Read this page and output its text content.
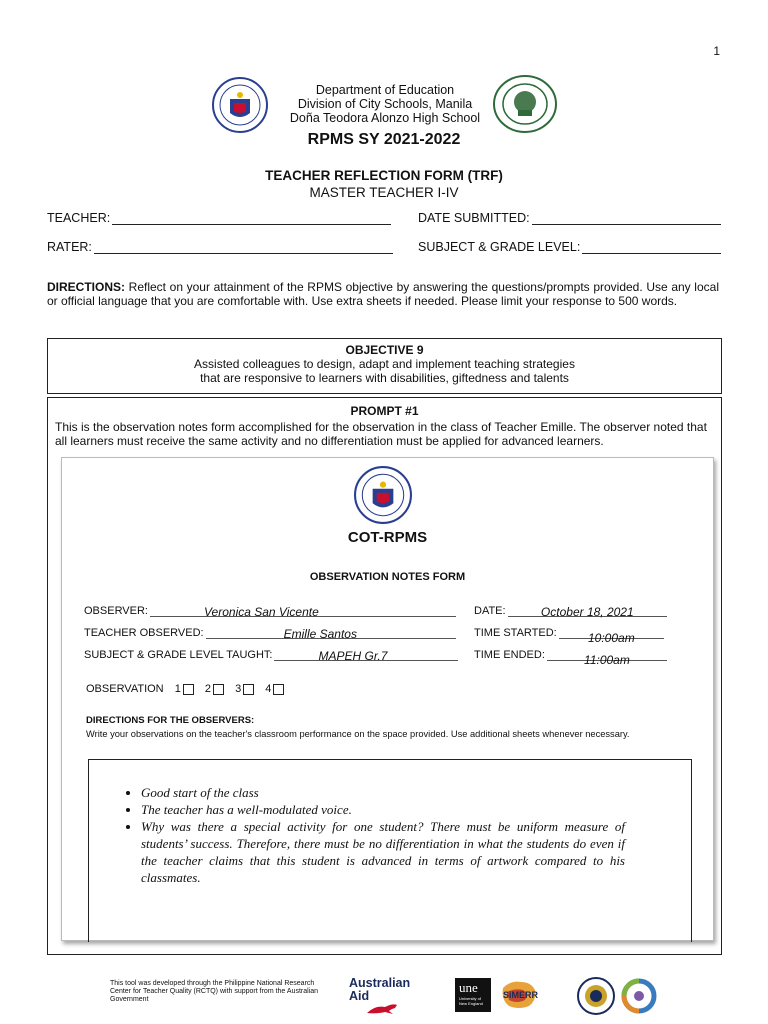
1
Department of Education
Division of City Schools, Manila
Doña Teodora Alonzo High School
RPMS SY 2021-2022
TEACHER REFLECTION FORM (TRF)
MASTER TEACHER I-IV
TEACHER:	DATE SUBMITTED:
RATER:	SUBJECT & GRADE LEVEL:
DIRECTIONS: Reflect on your attainment of the RPMS objective by answering the questions/prompts provided. Use any local or official language that you are comfortable with. Use extra sheets if needed. Please limit your response to 500 words.
OBJECTIVE 9
Assisted colleagues to design, adapt and implement teaching strategies
that are responsive to learners with disabilities, giftedness and talents
PROMPT #1
This is the observation notes form accomplished for the observation in the class of Teacher Emille. The observer noted that all learners must receive the same activity and no differentiation must be applied for advanced learners.
COT-RPMS
OBSERVATION NOTES FORM
OBSERVER:	Veronica San Vicente
TEACHER OBSERVED:	Emille Santos
SUBJECT & GRADE LEVEL TAUGHT:	MAPEH Gr.7
DATE:	October 18, 2021
TIME STARTED:	10:00am
TIME ENDED:	11:00am
OBSERVATION 1 2 3 4
DIRECTIONS FOR THE OBSERVERS:
Write your observations on the teacher's classroom performance on the space provided. Use additional sheets whenever necessary.
• Good start of the class
• The teacher has a well-modulated voice.
• Why was there a special activity for one student? There must be uniform measure of students’ success. Therefore, there must be no differentiation in what the students do even if the teacher claims that this student is advanced in terms of artwork compared to his classmates.
This tool was developed through the Philippine National Research Center for Teacher Quality (RCTQ) with support from the Australian Government
Australian Aid
une
University of New England
SiMERR
